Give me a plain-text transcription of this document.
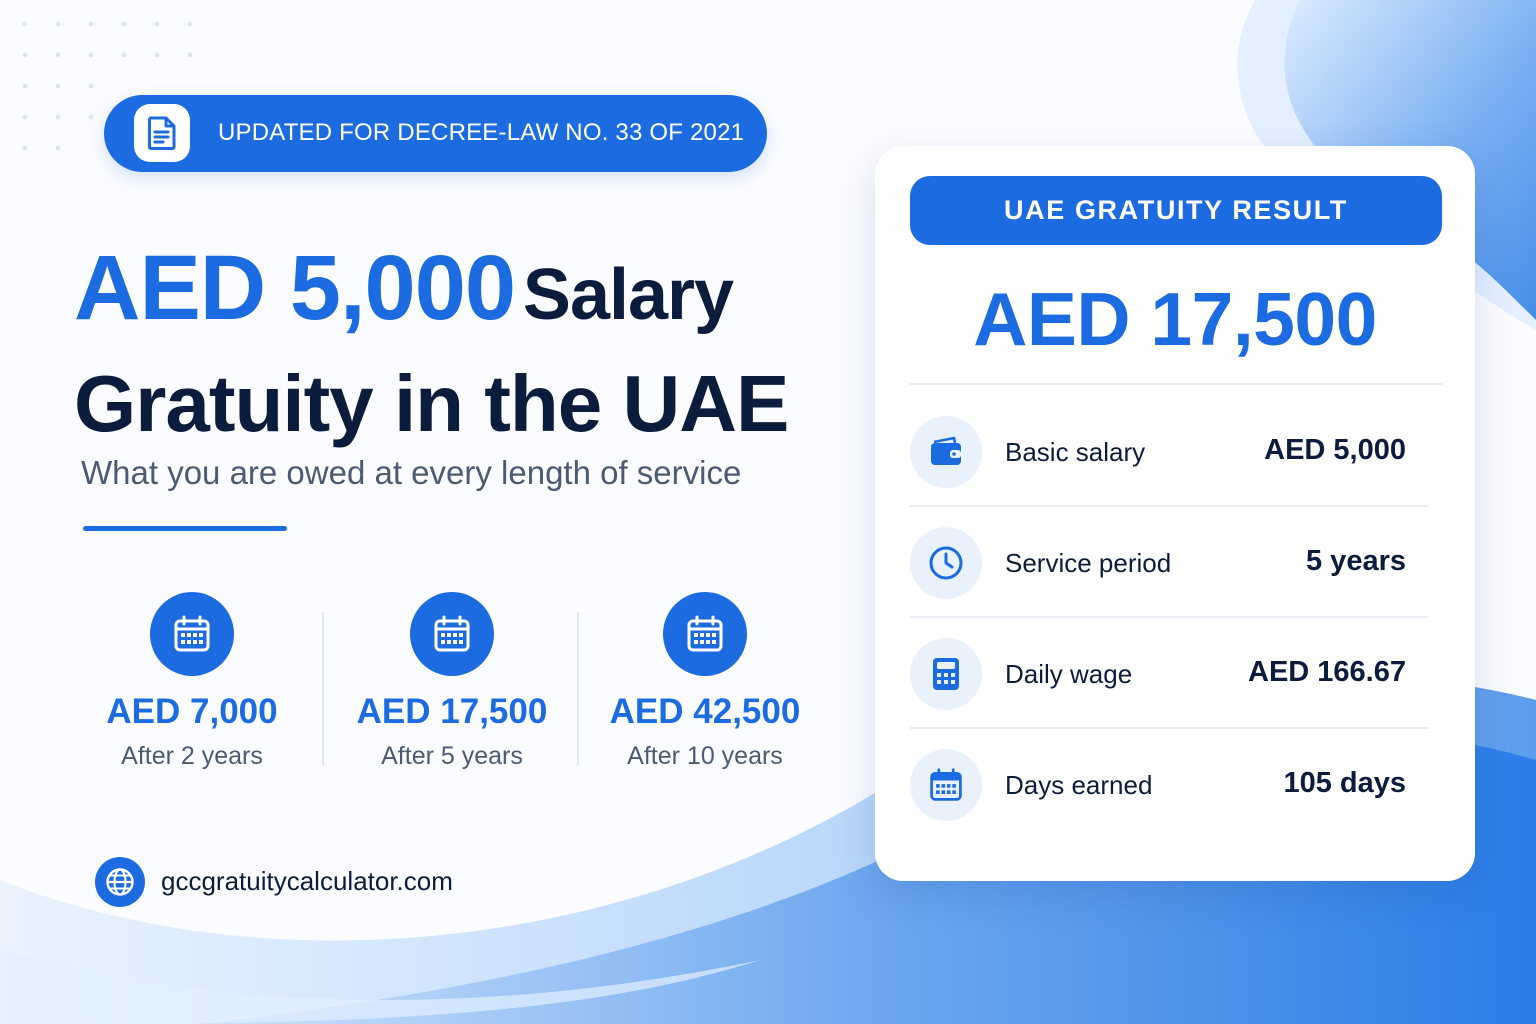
UPDATED FOR DECREE-LAW NO. 33 OF 2021
AED 5,000 Salary
Gratuity in the UAE

What you are owed at every length of service

AED 7,000
After 2 years
AED 17,500
After 5 years
AED 42,500
After 10 years
gccgratuitycalculator.com
UAE GRATUITY RESULT
AED 17,500
Basic salary	AED 5,000
Service period	5 years
Daily wage	AED 166.67
Days earned	105 days
